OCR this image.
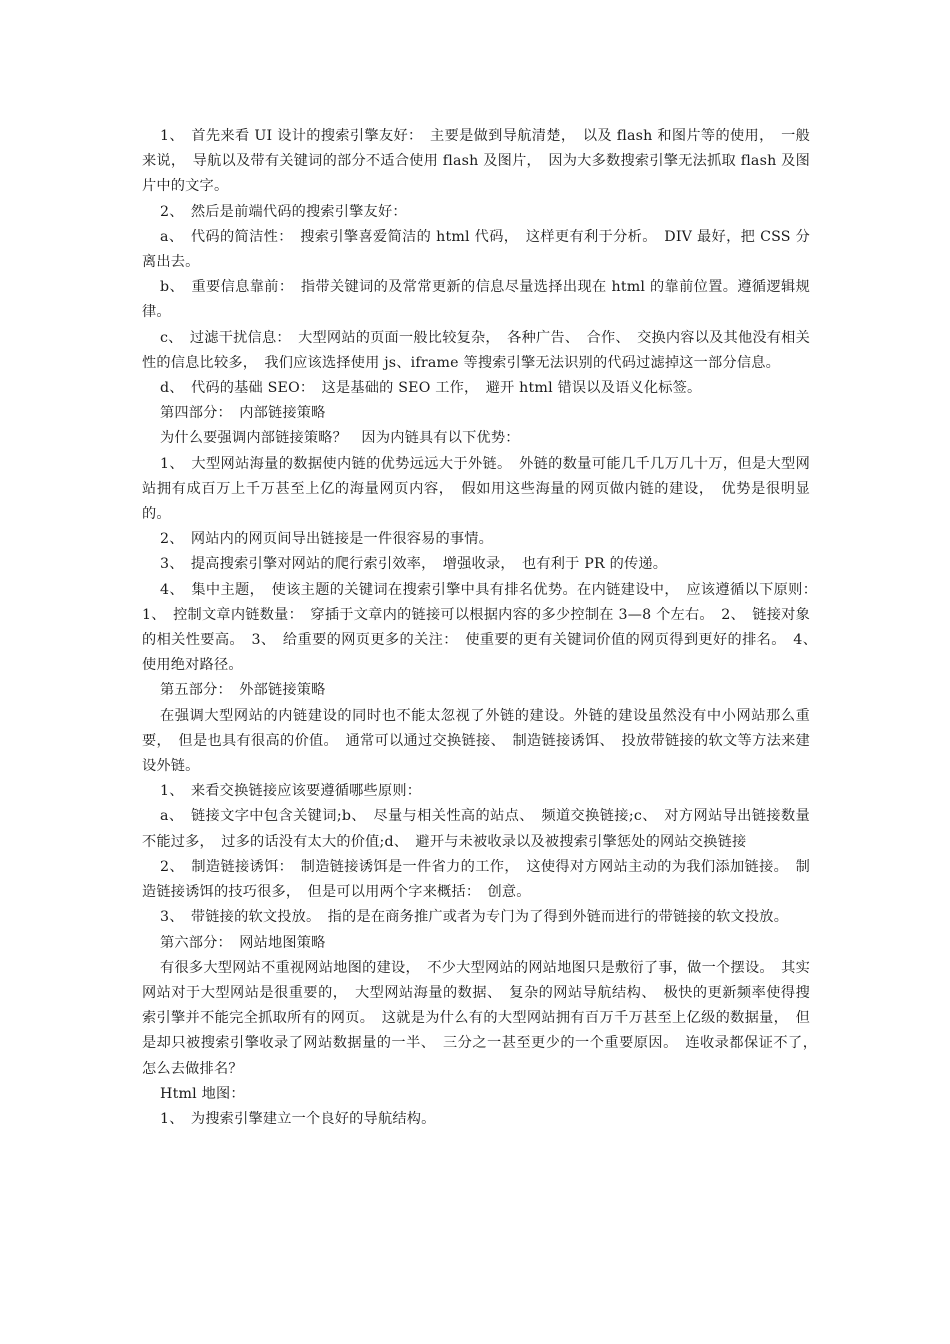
1、　首先来看 UI 设计的搜索引擎友好：　主要是做到导航清楚，　以及 flash 和图片等的使用，　一般来说，　导航以及带有关键词的部分不适合使用 flash 及图片，　因为大多数搜索引擎无法抓取 flash 及图片中的文字。

2、　然后是前端代码的搜索引擎友好：

a、　代码的简洁性：　搜索引擎喜爱简洁的 html 代码，　这样更有利于分析。　DIV 最好，把 CSS 分离出去。

b、　重要信息靠前：　指带关键词的及常常更新的信息尽量选择出现在 html 的靠前位置。遵循逻辑规律。

c、　过滤干扰信息：　大型网站的页面一般比较复杂，　各种广告、　合作、　交换内容以及其他没有相关性的信息比较多，　我们应该选择使用 js、iframe 等搜索引擎无法识别的代码过滤掉这一部分信息。

d、　代码的基础 SEO：　这是基础的 SEO 工作，　避开 html 错误以及语义化标签。

第四部分：　内部链接策略

为什么要强调内部链接策略？　因为内链具有以下优势：

1、　大型网站海量的数据使内链的优势远远大于外链。　外链的数量可能几千几万几十万，但是大型网站拥有成百万上千万甚至上亿的海量网页内容，　假如用这些海量的网页做内链的建设，　优势是很明显的。

2、　网站内的网页间导出链接是一件很容易的事情。

3、　提高搜索引擎对网站的爬行索引效率，　增强收录，　也有利于 PR 的传递。

4、　集中主题，　使该主题的关键词在搜索引擎中具有排名优势。在内链建设中，　应该遵循以下原则：　1、　控制文章内链数量：　穿插于文章内的链接可以根据内容的多少控制在 3—8 个左右。　2、　链接对象的相关性要高。　3、　给重要的网页更多的关注：　使重要的更有关键词价值的网页得到更好的排名。　4、　使用绝对路径。

第五部分：　外部链接策略

在强调大型网站的内链建设的同时也不能太忽视了外链的建设。外链的建设虽然没有中小网站那么重要，　但是也具有很高的价值。　通常可以通过交换链接、　制造链接诱饵、　投放带链接的软文等方法来建设外链。

1、　来看交换链接应该要遵循哪些原则：

a、　链接文字中包含关键词;b、　尽量与相关性高的站点、　频道交换链接;c、　对方网站导出链接数量不能过多，　过多的话没有太大的价值;d、　避开与未被收录以及被搜索引擎惩处的网站交换链接

2、　制造链接诱饵：　制造链接诱饵是一件省力的工作，　这使得对方网站主动的为我们添加链接。　制造链接诱饵的技巧很多，　但是可以用两个字来概括：　创意。

3、　带链接的软文投放。　指的是在商务推广或者为专门为了得到外链而进行的带链接的软文投放。

第六部分：　网站地图策略

有很多大型网站不重视网站地图的建设，　不少大型网站的网站地图只是敷衍了事，做一个摆设。　其实网站对于大型网站是很重要的，　大型网站海量的数据、　复杂的网站导航结构、　极快的更新频率使得搜索引擎并不能完全抓取所有的网页。　这就是为什么有的大型网站拥有百万千万甚至上亿级的数据量，　但是却只被搜索引擎收录了网站数据量的一半、　三分之一甚至更少的一个重要原因。　连收录都保证不了，　怎么去做排名？

Html 地图：

1、　为搜索引擎建立一个良好的导航结构。
